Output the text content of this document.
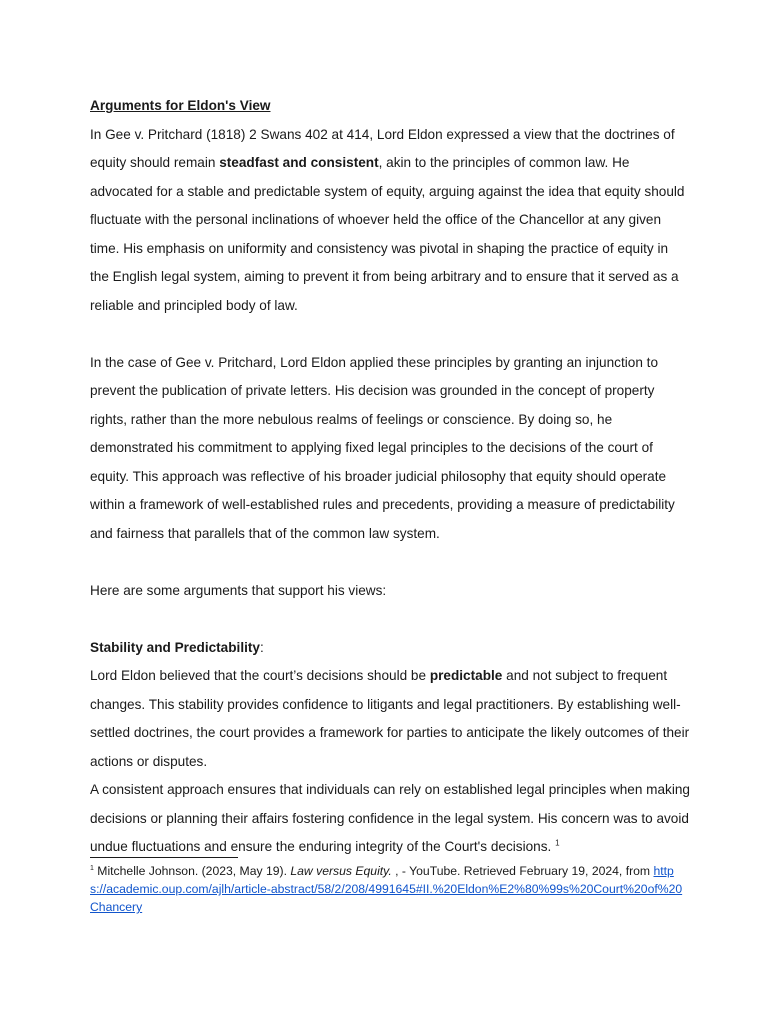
Arguments for Eldon's View

In Gee v. Pritchard (1818) 2 Swans 402 at 414, Lord Eldon expressed a view that the doctrines of equity should remain steadfast and consistent, akin to the principles of common law. He advocated for a stable and predictable system of equity, arguing against the idea that equity should fluctuate with the personal inclinations of whoever held the office of the Chancellor at any given time. His emphasis on uniformity and consistency was pivotal in shaping the practice of equity in the English legal system, aiming to prevent it from being arbitrary and to ensure that it served as a reliable and principled body of law.

In the case of Gee v. Pritchard, Lord Eldon applied these principles by granting an injunction to prevent the publication of private letters. His decision was grounded in the concept of property rights, rather than the more nebulous realms of feelings or conscience. By doing so, he demonstrated his commitment to applying fixed legal principles to the decisions of the court of equity. This approach was reflective of his broader judicial philosophy that equity should operate within a framework of well-established rules and precedents, providing a measure of predictability and fairness that parallels that of the common law system.

Here are some arguments that support his views:

Stability and Predictability:

Lord Eldon believed that the court’s decisions should be predictable and not subject to frequent changes. This stability provides confidence to litigants and legal practitioners. By establishing well-settled doctrines, the court provides a framework for parties to anticipate the likely outcomes of their actions or disputes.

A consistent approach ensures that individuals can rely on established legal principles when making decisions or planning their affairs fostering confidence in the legal system. His concern was to avoid undue fluctuations and ensure the enduring integrity of the Court's decisions. $^1$

$^1$ Mitchelle Johnson. (2023, May 19). Law versus Equity. , - YouTube. Retrieved February 19, 2024, from https://academic.oup.com/ajlh/article-abstract/58/2/208/4991645#II.%20Eldon%E2%80%99s%20Court%20of%20Chancery
